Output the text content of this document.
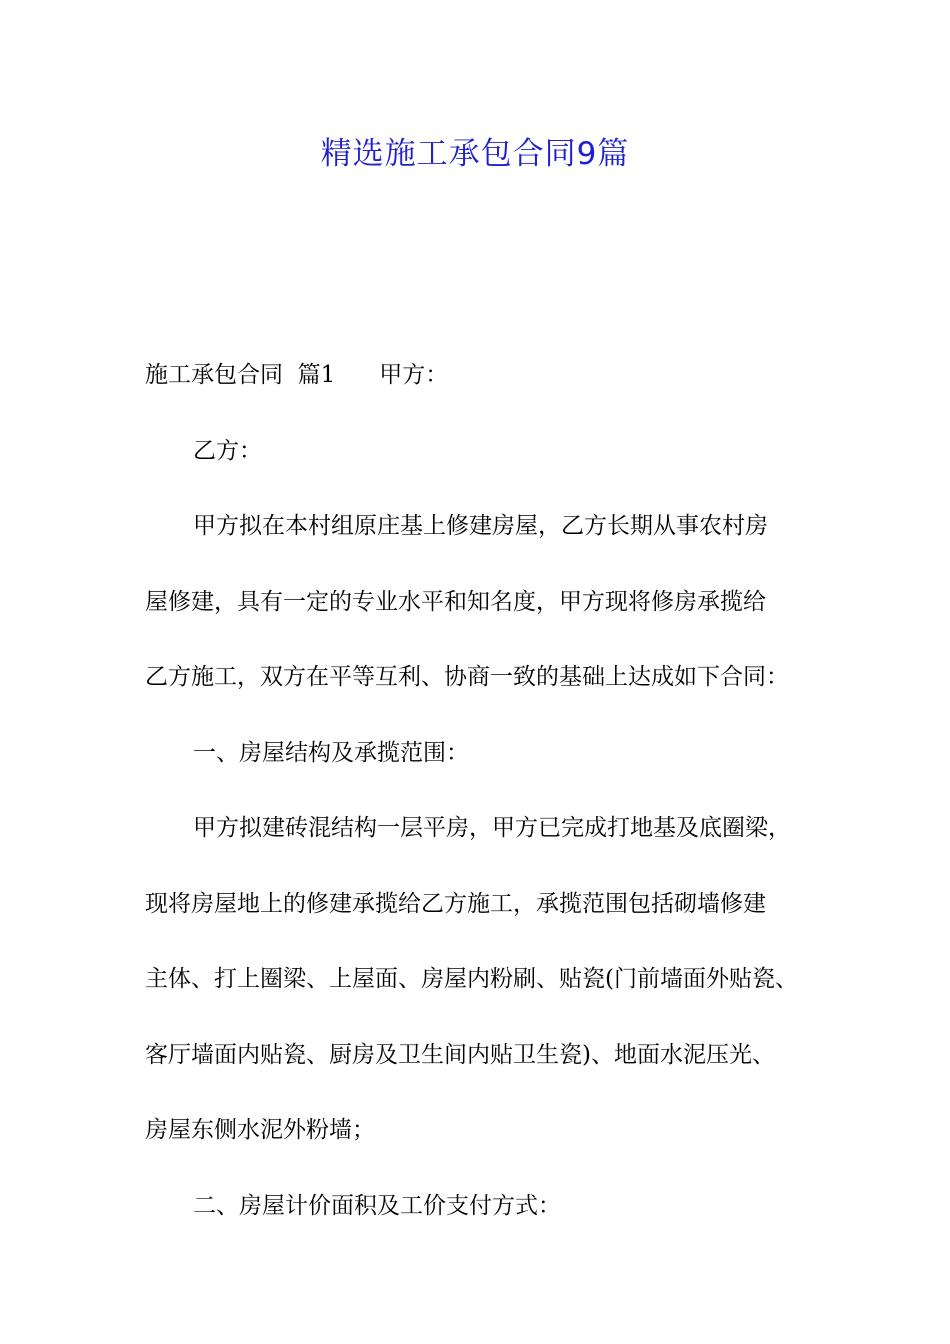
精选施工承包合同9篇
施工承包合同  篇1 甲方：
乙方：
甲方拟在本村组原庄基上修建房屋，乙方长期从事农村房
屋修建，具有一定的专业水平和知名度，甲方现将修房承揽给
乙方施工，双方在平等互利、协商一致的基础上达成如下合同：
一、房屋结构及承揽范围：
甲方拟建砖混结构一层平房，甲方已完成打地基及底圈梁，
现将房屋地上的修建承揽给乙方施工，承揽范围包括砌墙修建
主体、打上圈梁、上屋面、房屋内粉刷、贴瓷(门前墙面外贴瓷、
客厅墙面内贴瓷、厨房及卫生间内贴卫生瓷)、地面水泥压光、
房屋东侧水泥外粉墙；
二、房屋计价面积及工价支付方式：
